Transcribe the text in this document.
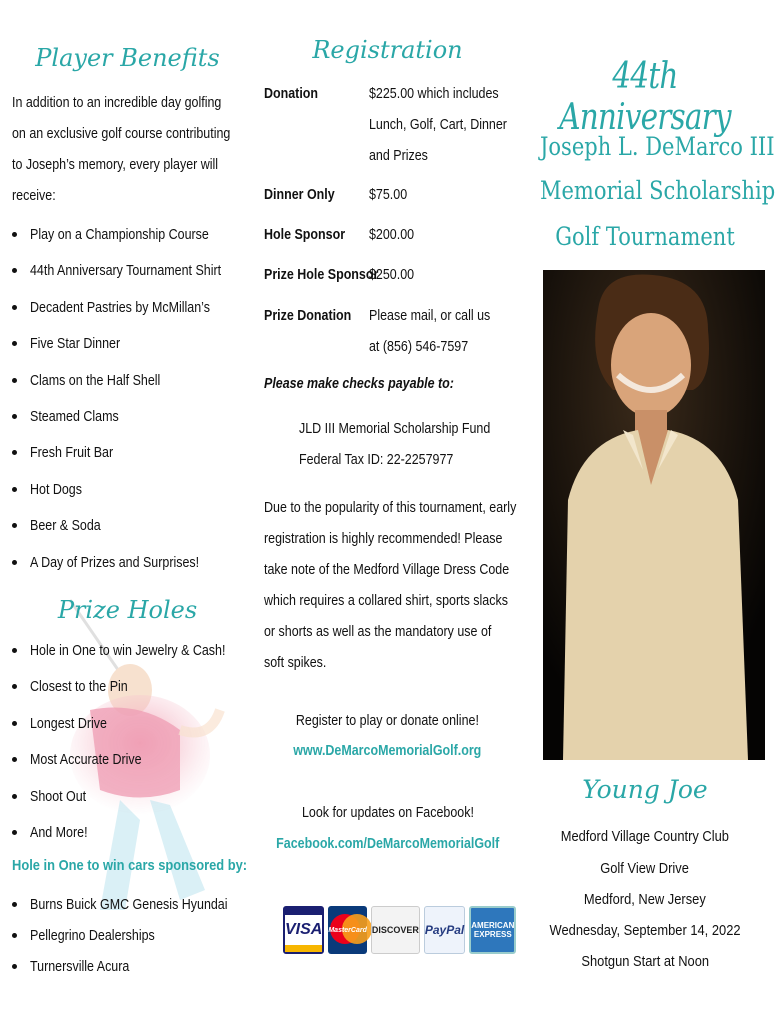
Player Benefits
In addition to an incredible day golfing
on an exclusive golf course contributing
to Joseph’s memory, every player will
receive:
Play on a Championship Course
44th Anniversary Tournament Shirt
Decadent Pastries by McMillan’s
Five Star Dinner
Clams on the Half Shell
Steamed Clams
Fresh Fruit Bar
Hot Dogs
Beer & Soda
A Day of Prizes and Surprises!
Prize Holes
Hole in One to win Jewelry & Cash!
Closest to the Pin
Longest Drive
Most Accurate Drive
Shoot Out
And More!
Hole in One to win cars sponsored by:
Burns Buick GMC Genesis Hyundai
Pellegrino Dealerships
Turnersville Acura
Registration
Donation	$225.00 which includes
Lunch, Golf, Cart, Dinner
and Prizes
Dinner Only $75.00
Hole Sponsor $200.00
Prize Hole Sponsor
$250.00
Prize Donation Please mail, or call us
at (856) 546-7597
Please make checks payable to:
JLD III Memorial Scholarship Fund
Federal Tax ID: 22-2257977
Due to the popularity of this tournament, early
registration is highly recommended! Please
take note of the Medford Village Dress Code
which requires a collared shirt, sports slacks
or shorts as well as the mandatory use of
soft spikes.
Register to play or donate online!
www.DeMarcoMemorialGolf.org
Look for updates on Facebook!
Facebook.com/DeMarcoMemorialGolf
VISA MasterCard DISCOVER PayPal AMERICAN
EXPRESS
44th Anniversary
Joseph L. DeMarco III
Memorial Scholarship
Golf Tournament
Young Joe
Medford Village Country Club
Golf View Drive
Medford, New Jersey
Wednesday, September 14, 2022
Shotgun Start at Noon
